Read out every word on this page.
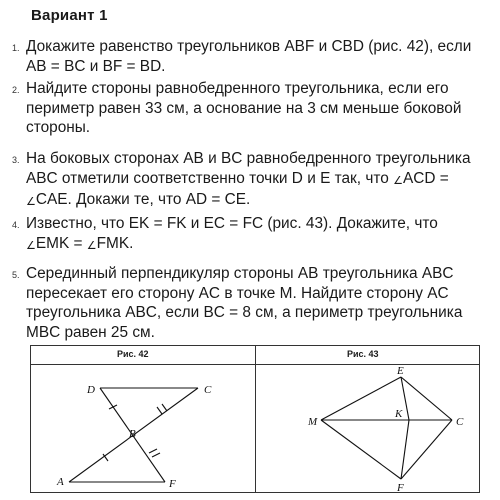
Вариант 1
1. Докажите равенство треугольников ABF и CBD (рис. 42), если AB = BC и BF = BD.
2. Найдите стороны равнобедренного треугольника, если его периметр равен 33 см, а основание на 3 см меньше боковой стороны.
3. На боковых сторонах AB и BC равнобедренного треугольника ABC отметили соответственно точки D и E так, что ∠ACD = ∠CAE. Докажи те, что AD = CE.
4. Известно, что EK = FK и EC = FC (рис. 43). Докажите, что ∠EMK = ∠FMK.
5. Серединный перпендикуляр стороны AB треугольника ABC пересекает его сторону AC в точке M. Найдите сторону AC треугольника ABC, если BC = 8 см, а периметр треугольника MBC равен 25 см.
Рис. 42	Рис. 43
D	C
B
A	F
E
M
K
C
F
